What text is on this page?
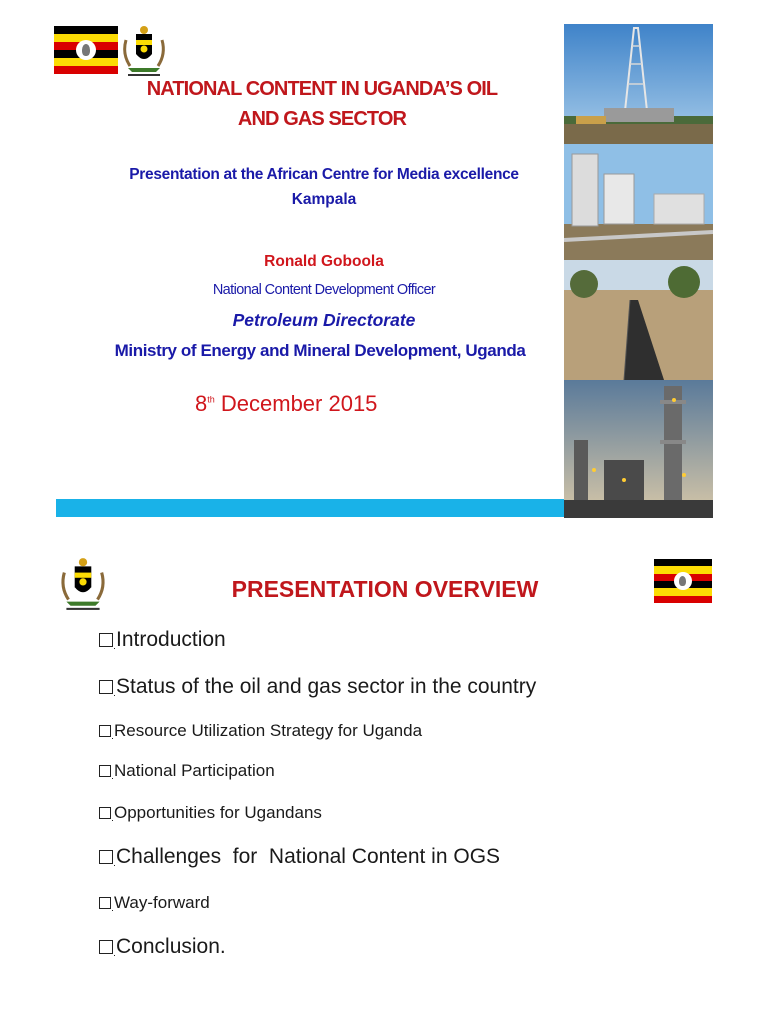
NATIONAL CONTENT IN UGANDA’S OIL
AND GAS SECTOR
Presentation at the African Centre for Media excellence
Kampala
Ronald Goboola
National Content Development Officer
Petroleum Directorate
Ministry of Energy and Mineral Development, Uganda
8th December 2015
PRESENTATION OVERVIEW
Introduction
Status of the oil and gas sector in the country
Resource Utilization Strategy for Uganda
National Participation
Opportunities for Ugandans
Challenges  for  National Content in OGS
Way-forward
Conclusion.
